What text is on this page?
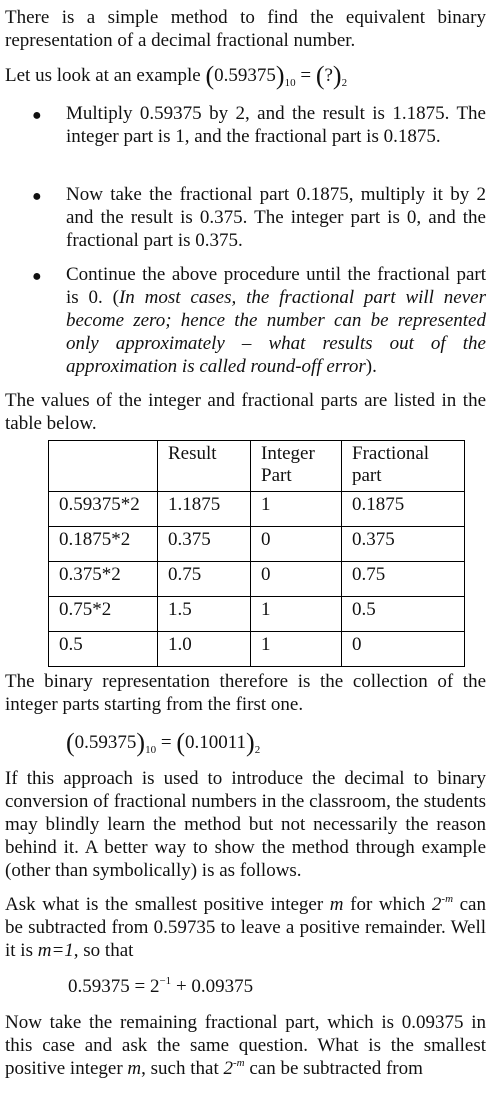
There is a simple method to find the equivalent binary representation of a decimal fractional number.

Let us look at an example $(0.59375)_{10}$ = $(?)_2$
● Multiply 0.59375 by 2, and the result is 1.1875. The integer part is 1, and the fractional part is 0.1875.

● Now take the fractional part 0.1875, multiply it by 2 and the result is 0.375. The integer part is 0, and the fractional part is 0.375.

● Continue the above procedure until the fractional part is 0. (In most cases, the fractional part will never become zero; hence the number can be represented only approximately – what results out of the approximation is called round-off error).

The values of the integer and fractional parts are listed in the table below.

	Result	Integer Part	Fractional part
0.59375*2	1.1875	1	0.1875
0.1875*2	0.375	0	0.375
0.375*2	0.75	0	0.75
0.75*2	1.5	1	0.5
0.5	1.0	1	0

The binary representation therefore is the collection of the integer parts starting from the first one.

$(0.59375)_{10} = (0.10011)_2$

If this approach is used to introduce the decimal to binary conversion of fractional numbers in the classroom, the students may blindly learn the method but not necessarily the reason behind it. A better way to show the method through example (other than symbolically) is as follows.

Ask what is the smallest positive integer m for which $2^{-m}$ can be subtracted from 0.59735 to leave a positive remainder. Well it is m=1, so that

$0.59375 = 2^{-1} + 0.09375$

Now take the remaining fractional part, which is 0.09375 in this case and ask the same question. What is the smallest positive integer m, such that $2^{-m}$ can be subtracted from
